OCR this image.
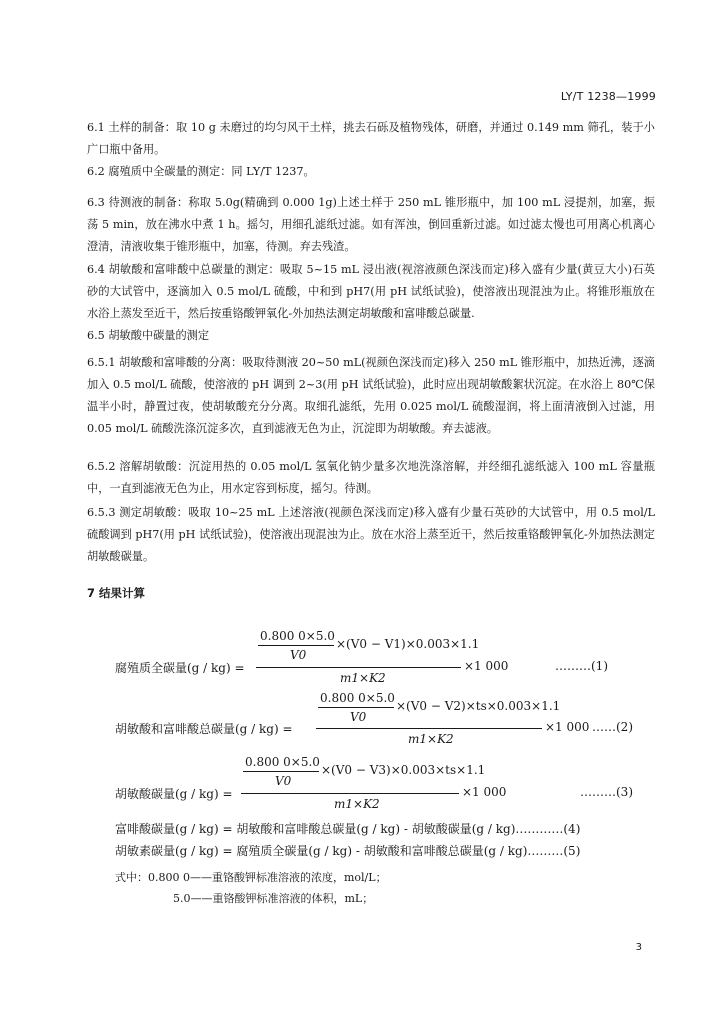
LY/T 1238—1999
6.1 土样的制备：取 10 g 未磨过的均匀风干土样，挑去石砾及植物残体，研磨，并通过 0.149 mm 筛孔，装于小广口瓶中备用。
6.2 腐殖质中全碳量的测定：同 LY/T 1237。
6.3 待测液的制备：称取 5.0g(精确到 0.000 1g)上述土样于 250 mL 锥形瓶中，加 100 mL 浸提剂，加塞，振荡 5 min，放在沸水中煮 1 h。摇匀，用细孔滤纸过滤。如有浑浊，倒回重新过滤。如过滤太慢也可用离心机离心澄清，清液收集于锥形瓶中，加塞，待测。弃去残渣。
6.4 胡敏酸和富啡酸中总碳量的测定：吸取 5~15 mL 浸出液(视溶液颜色深浅而定)移入盛有少量(黄豆大小)石英砂的大试管中，逐滴加入 0.5 mol/L 硫酸，中和到 pH7(用 pH 试纸试验)，使溶液出现混浊为止。将锥形瓶放在水浴上蒸发至近干，然后按重铬酸钾氧化-外加热法测定胡敏酸和富啡酸总碳量.
6.5 胡敏酸中碳量的测定
6.5.1 胡敏酸和富啡酸的分离：吸取待测液 20~50 mL(视颜色深浅而定)移入 250 mL 锥形瓶中，加热近沸，逐滴加入 0.5 mol/L 硫酸，使溶液的 pH 调到 2~3(用 pH 试纸试验)，此时应出现胡敏酸絮状沉淀。在水浴上 80℃保温半小时，静置过夜，使胡敏酸充分分离。取细孔滤纸，先用 0.025 mol/L 硫酸湿润，将上面清液倒入过滤，用 0.05 mol/L 硫酸洗涤沉淀多次，直到滤液无色为止，沉淀即为胡敏酸。弃去滤液。
6.5.2 溶解胡敏酸：沉淀用热的 0.05 mol/L 氢氧化钠少量多次地洗涤溶解，并经细孔滤纸滤入 100 mL 容量瓶中，一直到滤液无色为止，用水定容到标度，摇匀。待测。
6.5.3 测定胡敏酸：吸取 10~25 mL 上述溶液(视颜色深浅而定)移入盛有少量石英砂的大试管中，用 0.5 mol/L 硫酸调到 pH7(用 pH 试纸试验)，使溶液出现混浊为止。放在水浴上蒸至近干，然后按重铬酸钾氧化-外加热法测定胡敏酸碳量。
7 结果计算
0.800 0×5.0
V0
×(V0 − V1)×0.003×1.1
腐殖质全碳量(g / kg) =
m1×K2
×1 000	………(1)
0.800 0×5.0
V0
×(V0 − V2)×ts×0.003×1.1
胡敏酸和富啡酸总碳量(g / kg) =
m1×K2
×1 000 ……(2)
0.800 0×5.0
V0
×(V0 − V3)×0.003×ts×1.1
胡敏酸碳量(g / kg) =
m1×K2
×1 000	………(3)
富啡酸碳量(g / kg) = 胡敏酸和富啡酸总碳量(g / kg) - 胡敏酸碳量(g / kg)…………(4)
胡敏素碳量(g / kg) = 腐殖质全碳量(g / kg) - 胡敏酸和富啡酸总碳量(g / kg)………(5)
式中：0.800 0——重铬酸钾标准溶液的浓度，mol/L；
5.0——重铬酸钾标准溶液的体积，mL；
3
